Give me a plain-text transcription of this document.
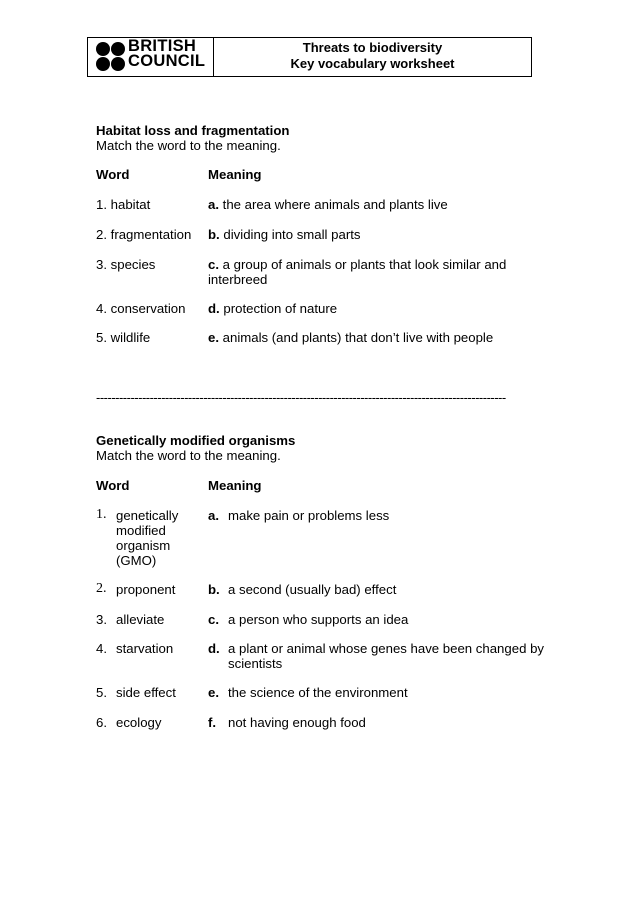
BRITISH
COUNCIL
Threats to biodiversity
Key vocabulary worksheet
Habitat loss and fragmentation
Match the word to the meaning.
Word	Meaning
1. habitat	a. the area where animals and plants live
2. fragmentation b. dividing into small parts
3. species	c. a group of animals or plants that look similar and
interbreed
4. conservation d. protection of nature
5. wildlife	e. animals (and plants) that don’t live with people
-----------------------------------------------------------------------------------------------------------
Genetically modified organisms
Match the word to the meaning.
Word	Meaning
1. genetically
modified
organism
(GMO)
a. make pain or problems less
2. proponent b. a second (usually bad) effect
3. alleviate	c. a person who supports an idea
4. starvation	d. a plant or animal whose genes have been changed by
scientists
5. side effect e. the science of the environment
6. ecology	f. not having enough food
